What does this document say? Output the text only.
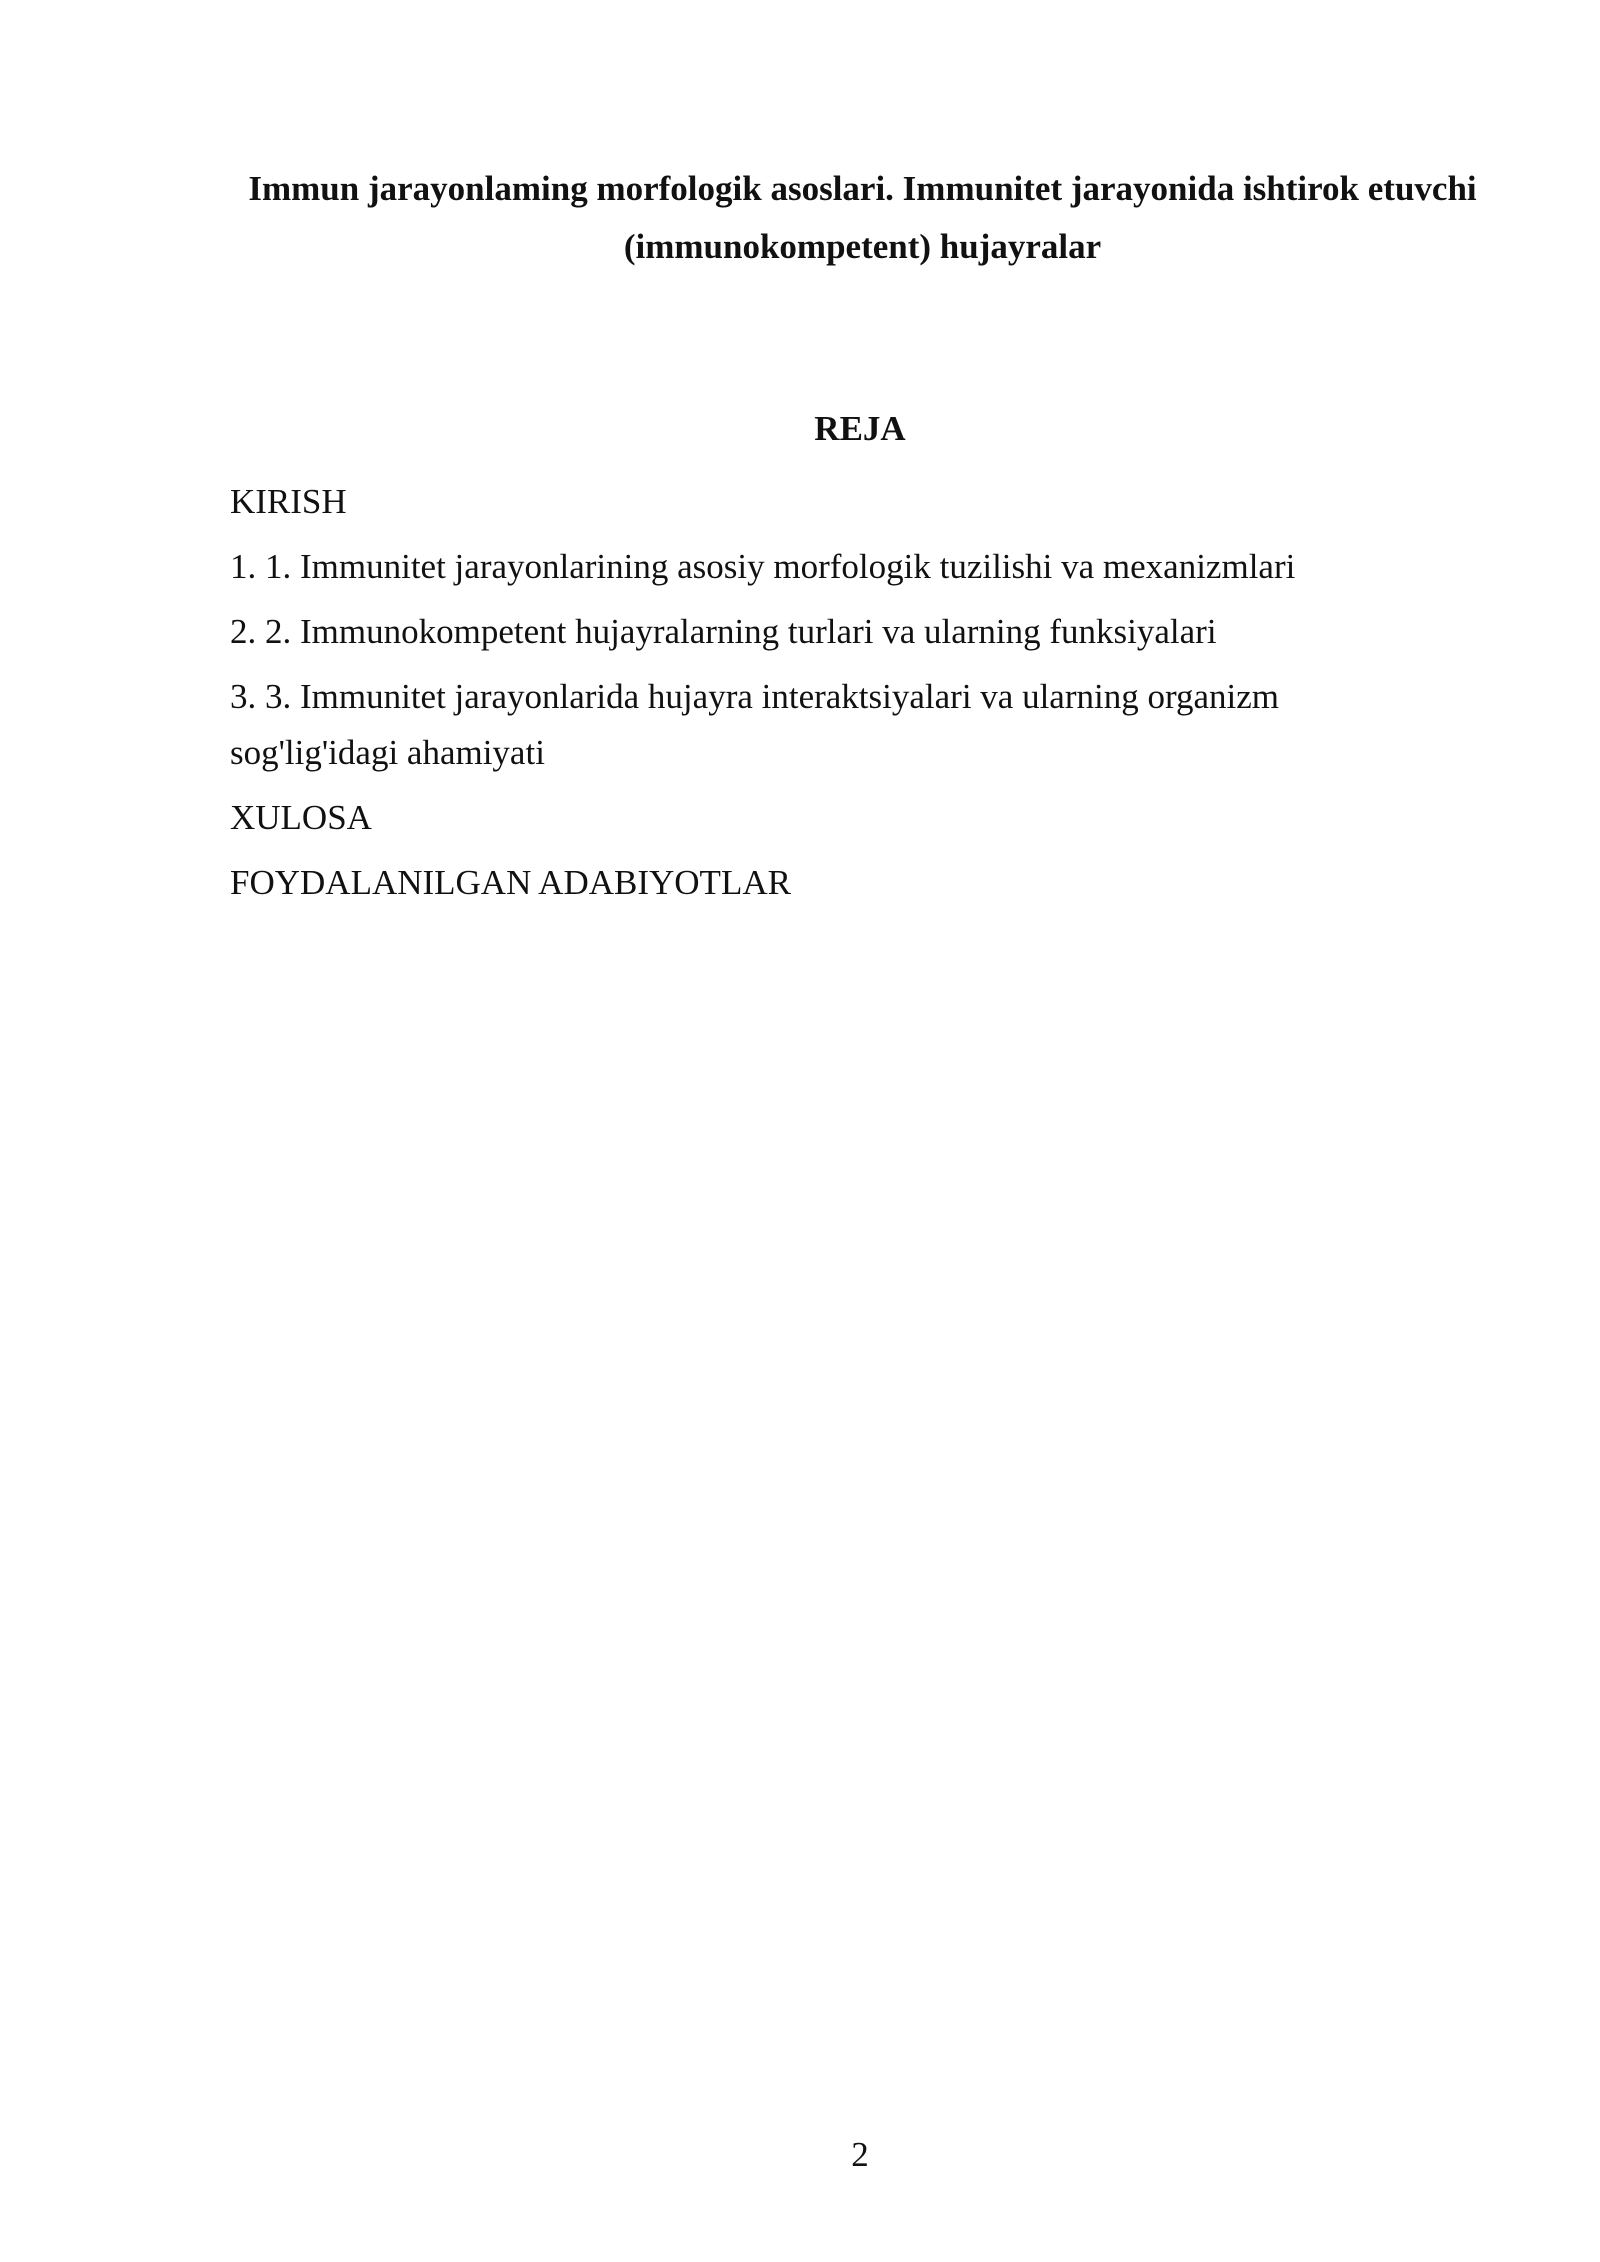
Immun jarayonlaming morfologik asoslari. Immunitet jarayonida ishtirok etuvchi (immunokompetent) hujayralar
REJA
KIRISH
1. 1. Immunitet jarayonlarining asosiy morfologik tuzilishi va mexanizmlari
2. 2. Immunokompetent hujayralarning turlari va ularning funksiyalari
3. 3. Immunitet jarayonlarida hujayra interaktsiyalari va ularning organizm sog'lig'idagi ahamiyati
XULOSA
FOYDALANILGAN ADABIYOTLAR
2
